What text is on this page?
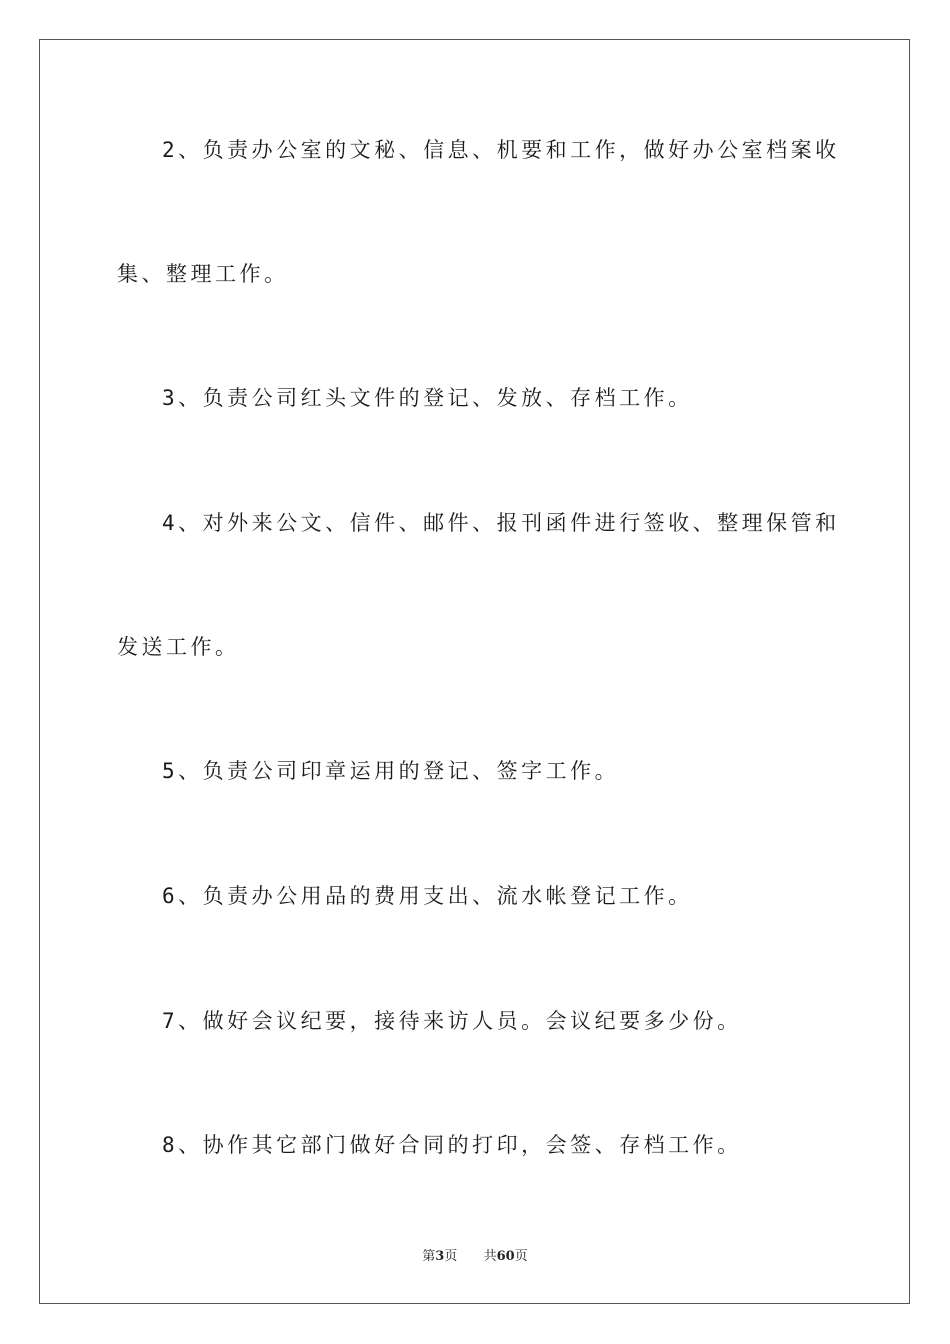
2、负责办公室的文秘、信息、机要和工作，做好办公室档案收
集、整理工作。
3、负责公司红头文件的登记、发放、存档工作。
4、对外来公文、信件、邮件、报刊函件进行签收、整理保管和
发送工作。
5、负责公司印章运用的登记、签字工作。
6、负责办公用品的费用支出、流水帐登记工作。
7、做好会议纪要，接待来访人员。会议纪要多少份。
8、协作其它部门做好合同的打印，会签、存档工作。
第3页 共60页
